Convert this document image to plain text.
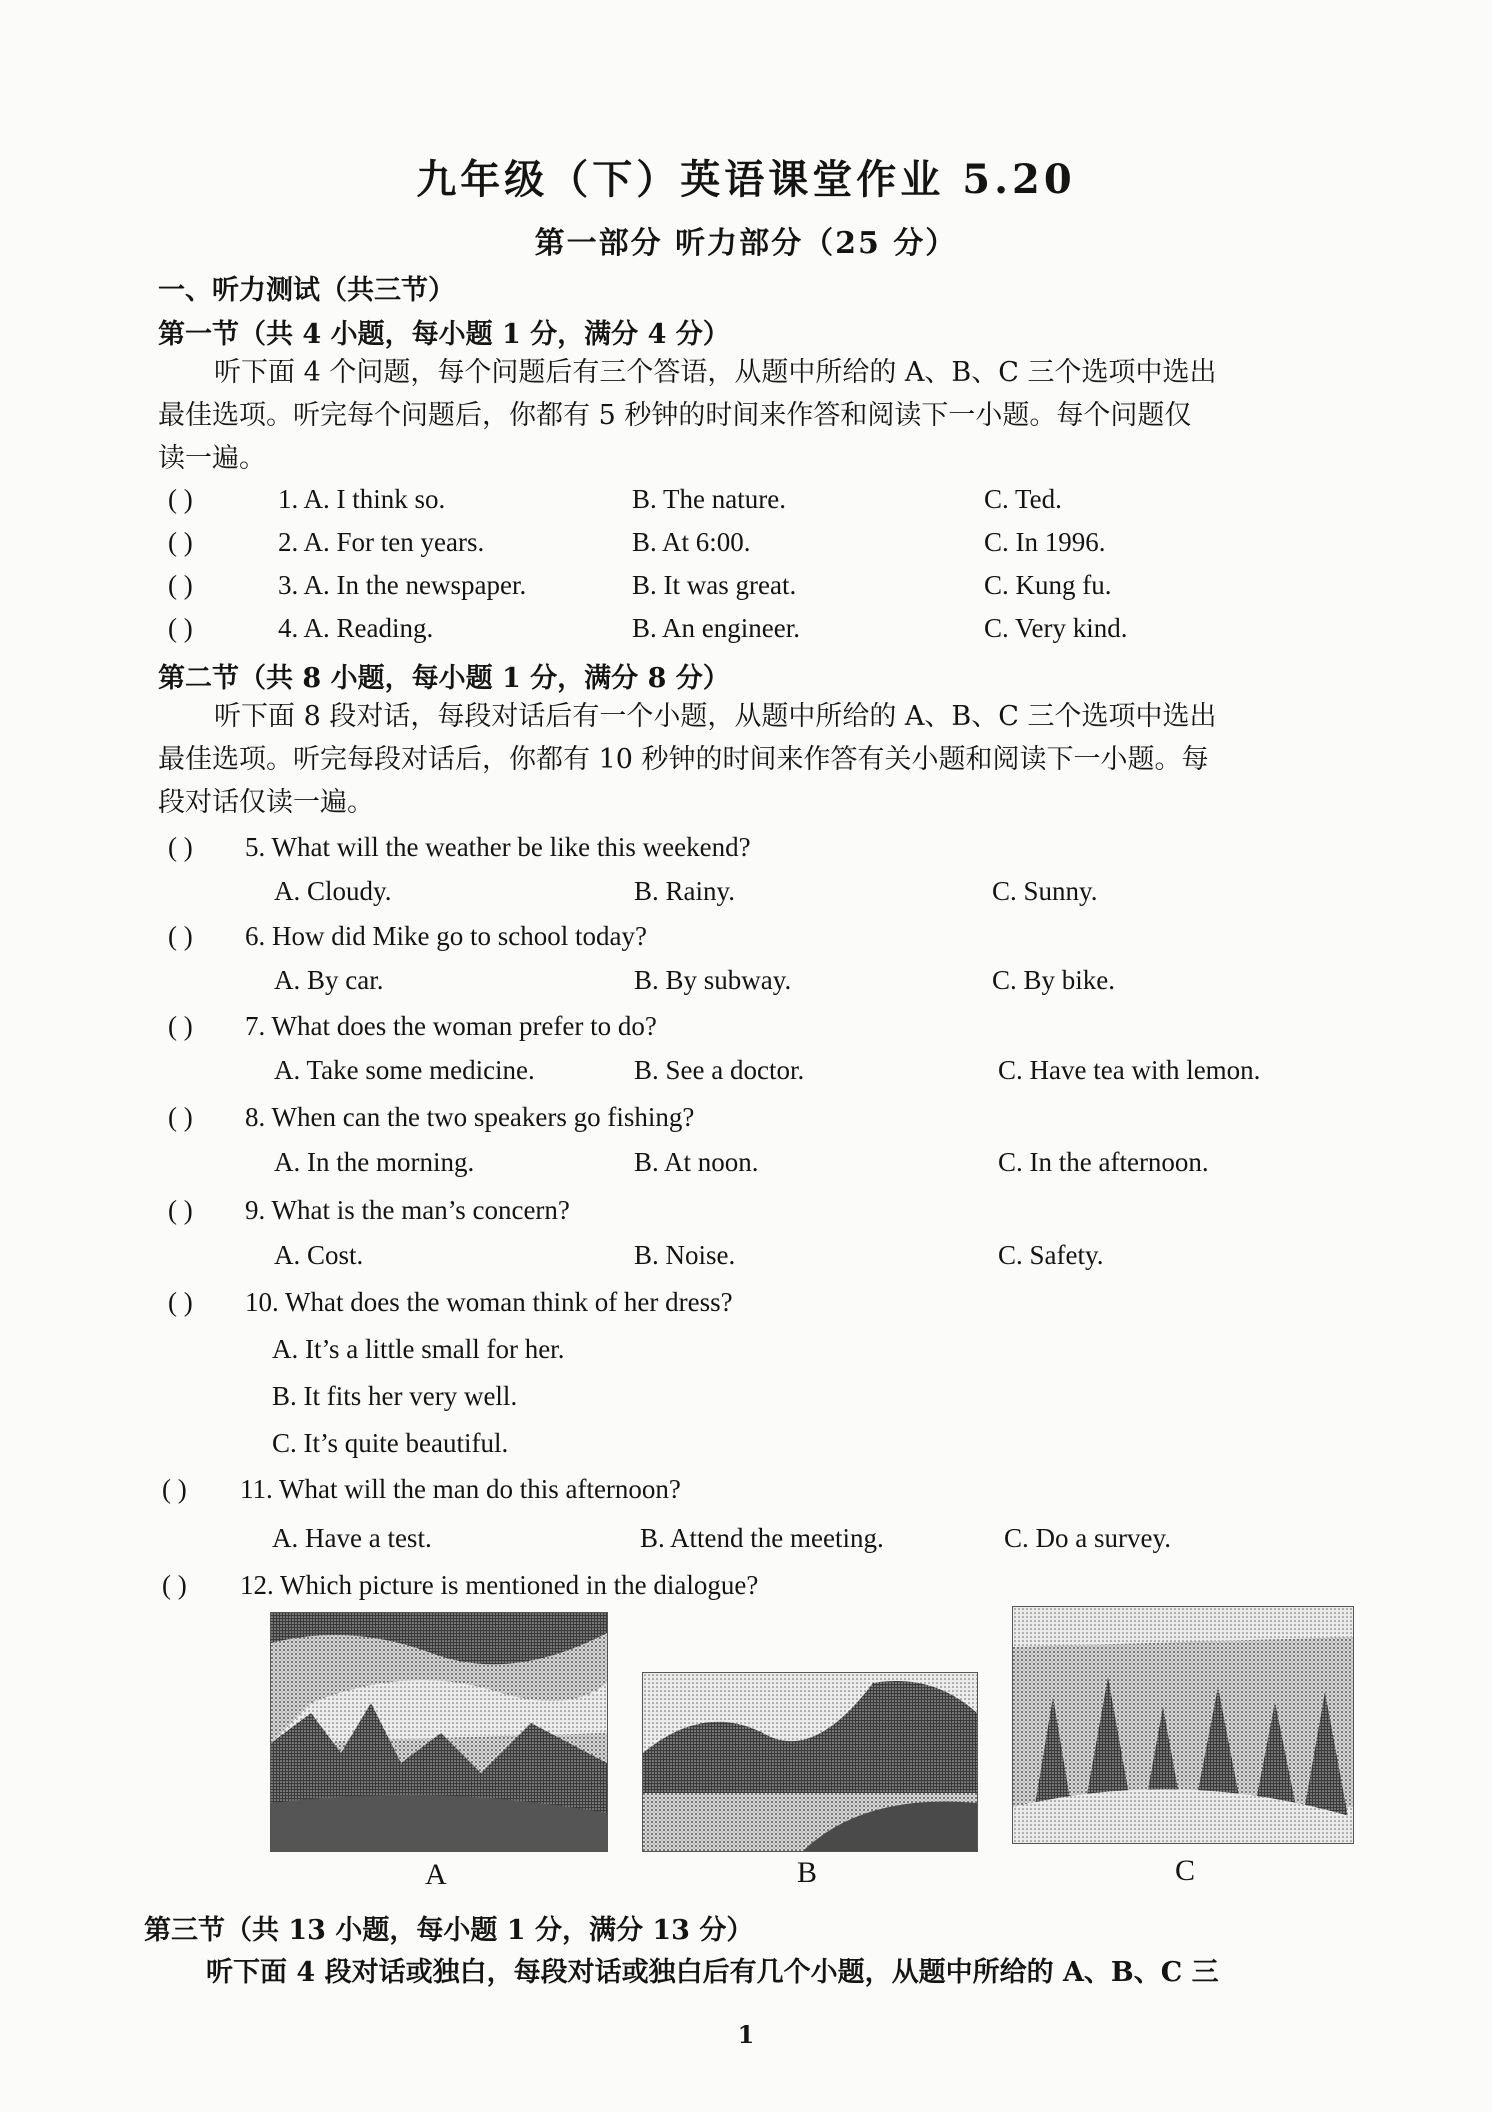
九年级（下）英语课堂作业 5.20
第一部分 听力部分（25 分）
一、听力测试（共三节）
第一节（共 4 小题，每小题 1 分，满分 4 分）
听下面 4 个问题，每个问题后有三个答语，从题中所给的 A、B、C 三个选项中选出
最佳选项。听完每个问题后，你都有 5 秒钟的时间来作答和阅读下一小题。每个问题仅
读一遍。
( )	1. A. I think so.	B. The nature.	C. Ted.
( )	2. A. For ten years.	B. At 6:00.	C. In 1996.
( )	3. A. In the newspaper.	B. It was great.	C. Kung fu.
( )	4. A. Reading.	B. An engineer.	C. Very kind.
第二节（共 8 小题，每小题 1 分，满分 8 分）
听下面 8 段对话，每段对话后有一个小题，从题中所给的 A、B、C 三个选项中选出
最佳选项。听完每段对话后，你都有 10 秒钟的时间来作答有关小题和阅读下一小题。每
段对话仅读一遍。
( ) 5. What will the weather be like this weekend?
A. Cloudy.	B. Rainy.	C. Sunny.
( ) 6. How did Mike go to school today?
A. By car.	B. By subway.	C. By bike.
( ) 7. What does the woman prefer to do?
A. Take some medicine.	B. See a doctor.	C. Have tea with lemon.
( ) 8. When can the two speakers go fishing?
A. In the morning.	B. At noon.	C. In the afternoon.
( ) 9. What is the man’s concern?
A. Cost.	B. Noise.	C. Safety.
( ) 10. What does the woman think of her dress?
A. It’s a little small for her.
B. It fits her very well.
C. It’s quite beautiful.
( ) 11. What will the man do this afternoon?
A. Have a test.	B. Attend the meeting.	C. Do a survey.
( ) 12. Which picture is mentioned in the dialogue?
A	B	C
第三节（共 13 小题，每小题 1 分，满分 13 分）
听下面 4 段对话或独白，每段对话或独白后有几个小题，从题中所给的 A、B、C 三
1
